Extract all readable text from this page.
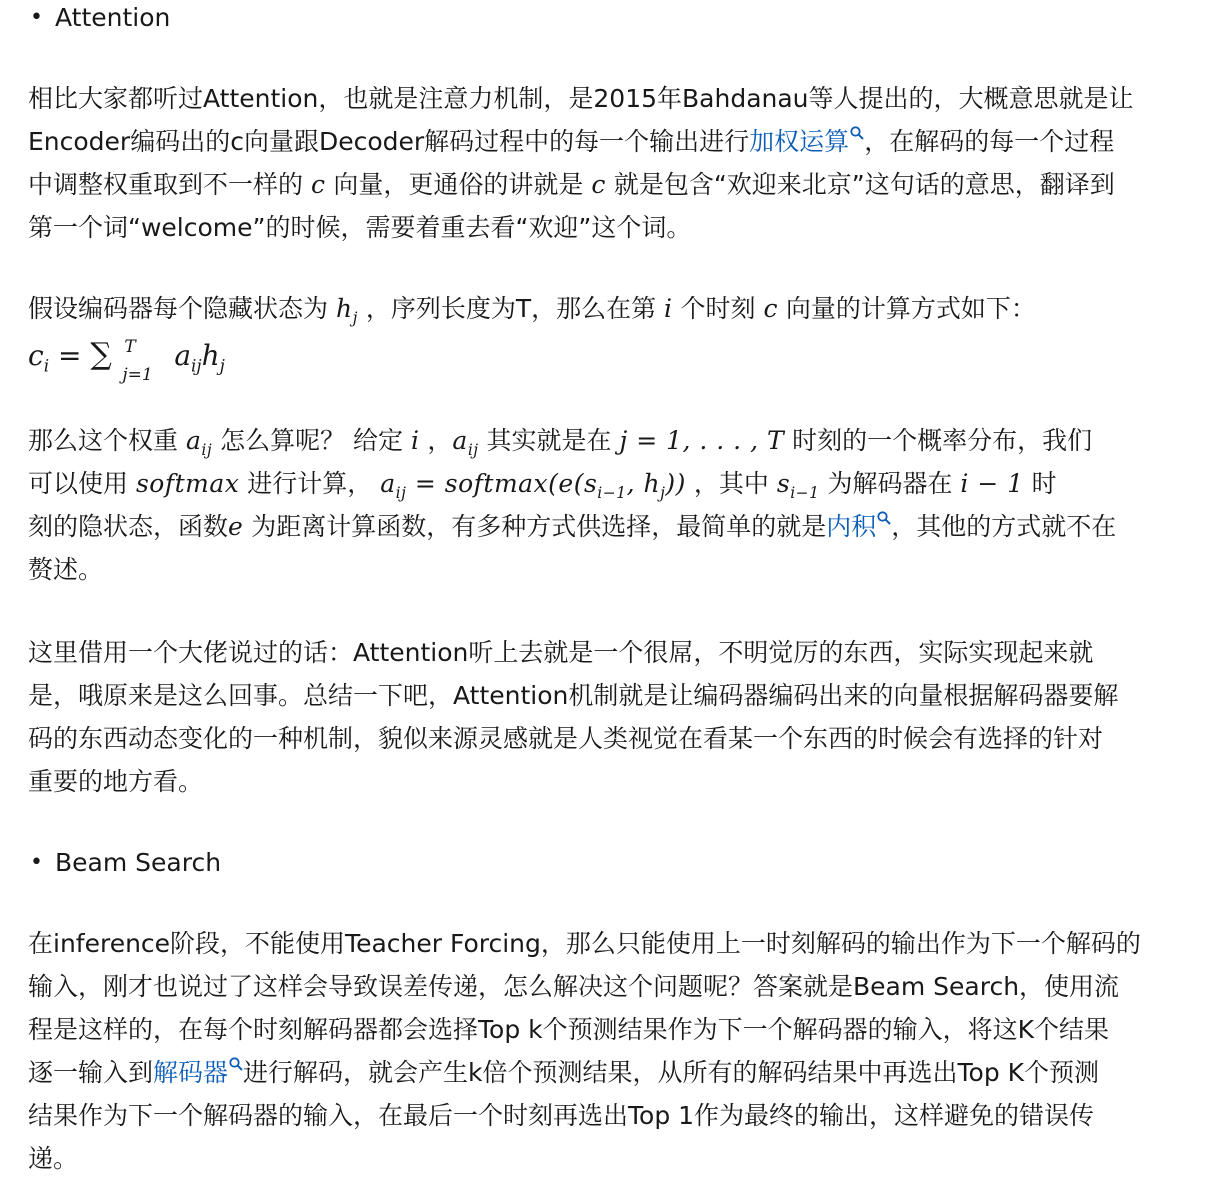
• Attention
相比大家都听过Attention，也就是注意力机制，是2015年Bahdanau等人提出的，大概意思就是让
Encoder编码出的c向量跟Decoder解码过程中的每一个输出进行加权运算 ，在解码的每一个过程
中调整权重取到不一样的 c 向量，更通俗的讲就是 c 就是包含“欢迎来北京”这句话的意思，翻译到
第一个词“welcome”的时候，需要着重去看“欢迎”这个词。
假设编码器每个隐藏状态为 $h_j$ ，序列长度为T，那么在第 i 个时刻 c 向量的计算方式如下：
$c_i$ = ∑ T
j=1
$a_{ij}h_j$
那么这个权重 $a_{ij}$ 怎么算呢？ 给定 i ，$a_{ij}$ 其实就是在 j = 1, . . . , T 时刻的一个概率分布，我们
可以使用 softmax 进行计算， $a_{ij}$ = $softmax(e(s_{i-1}$, $h_j$)) ，其中 $s_{i-1}$ 为解码器在 i − 1 时
刻的隐状态，函数e 为距离计算函数，有多种方式供选择，最简单的就是内积 ，其他的方式就不在
赘述。
这里借用一个大佬说过的话：Attention听上去就是一个很屌，不明觉厉的东西，实际实现起来就
是，哦原来是这么回事。总结一下吧，Attention机制就是让编码器编码出来的向量根据解码器要解
码的东西动态变化的一种机制，貌似来源灵感就是人类视觉在看某一个东西的时候会有选择的针对
重要的地方看。
• Beam Search
在inference阶段，不能使用Teacher Forcing，那么只能使用上一时刻解码的输出作为下一个解码的
输入，刚才也说过了这样会导致误差传递，怎么解决这个问题呢？答案就是Beam Search，使用流
程是这样的，在每个时刻解码器都会选择Top k个预测结果作为下一个解码器的输入，将这K个结果
逐一输入到解码器 进行解码，就会产生k倍个预测结果，从所有的解码结果中再选出Top K个预测
结果作为下一个解码器的输入，在最后一个时刻再选出Top 1作为最终的输出，这样避免的错误传
递。
